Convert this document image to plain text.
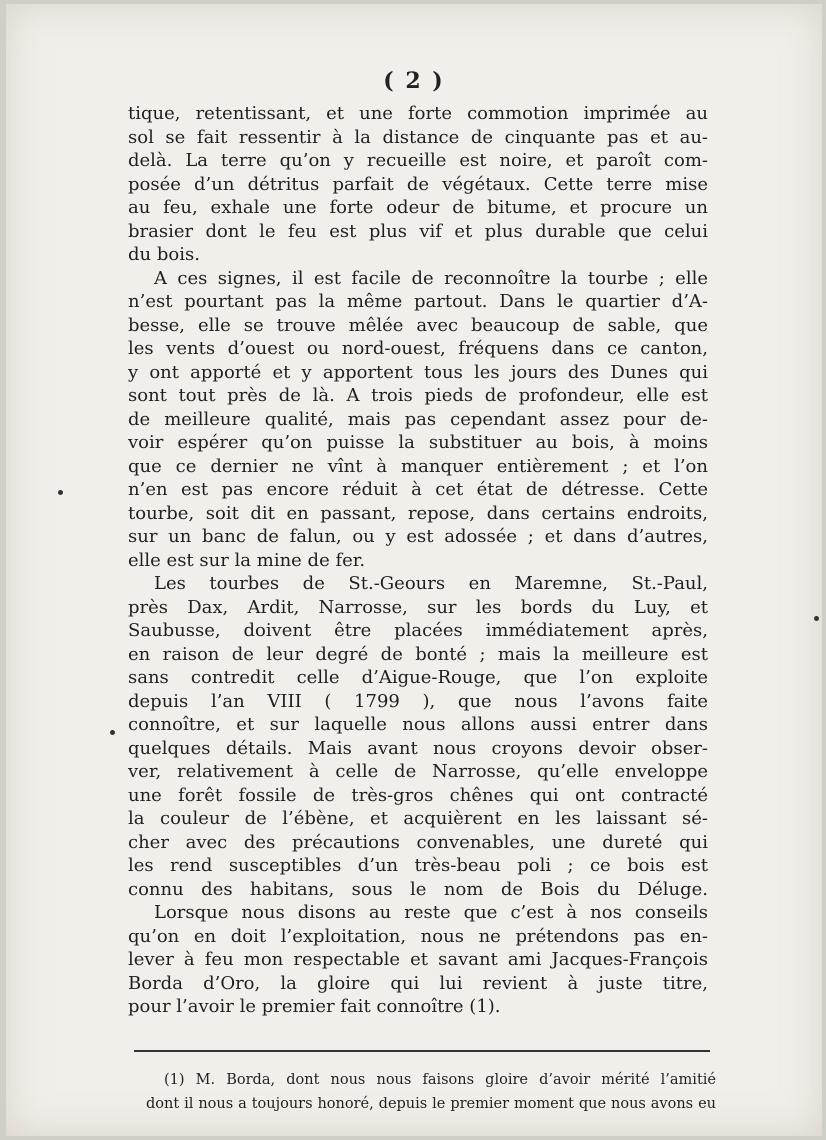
( 2 )
tique, retentissant, et une forte commotion imprimée au
sol se fait ressentir à la distance de cinquante pas et au-
delà. La terre qu’on y recueille est noire, et paroît com-
posée d’un détritus parfait de végétaux. Cette terre mise
au feu, exhale une forte odeur de bitume, et procure un
brasier dont le feu est plus vif et plus durable que celui
du bois.
A ces signes, il est facile de reconnoître la tourbe ; elle
n’est pourtant pas la même partout. Dans le quartier d’A-
besse, elle se trouve mêlée avec beaucoup de sable, que
les vents d’ouest ou nord-ouest, fréquens dans ce canton,
y ont apporté et y apportent tous les jours des Dunes qui
sont tout près de là. A trois pieds de profondeur, elle est
de meilleure qualité, mais pas cependant assez pour de-
voir espérer qu’on puisse la substituer au bois, à moins
que ce dernier ne vînt à manquer entièrement ; et l’on
n’en est pas encore réduit à cet état de détresse. Cette
tourbe, soit dit en passant, repose, dans certains endroits,
sur un banc de falun, ou y est adossée ; et dans d’autres,
elle est sur la mine de fer.
Les tourbes de St.-Geours en Maremne, St.-Paul,
près Dax, Ardit, Narrosse, sur les bords du Luy, et
Saubusse, doivent être placées immédiatement après,
en raison de leur degré de bonté ; mais la meilleure est
sans contredit celle d’Aigue-Rouge, que l’on exploite
depuis l’an VIII ( 1799 ), que nous l’avons faite
connoître, et sur laquelle nous allons aussi entrer dans
quelques détails. Mais avant nous croyons devoir obser-
ver, relativement à celle de Narrosse, qu’elle enveloppe
une forêt fossile de très-gros chênes qui ont contracté
la couleur de l’ébène, et acquièrent en les laissant sé-
cher avec des précautions convenables, une dureté qui
les rend susceptibles d’un très-beau poli ; ce bois est
connu des habitans, sous le nom de Bois du Déluge.
Lorsque nous disons au reste que c’est à nos conseils
qu’on en doit l’exploitation, nous ne prétendons pas en-
lever à feu mon respectable et savant ami Jacques-François
Borda d’Oro, la gloire qui lui revient à juste titre,
pour l’avoir le premier fait connoître (1).
(1) M. Borda, dont nous nous faisons gloire d’avoir mérité l’amitié
dont il nous a toujours honoré, depuis le premier moment que nous avons eu
